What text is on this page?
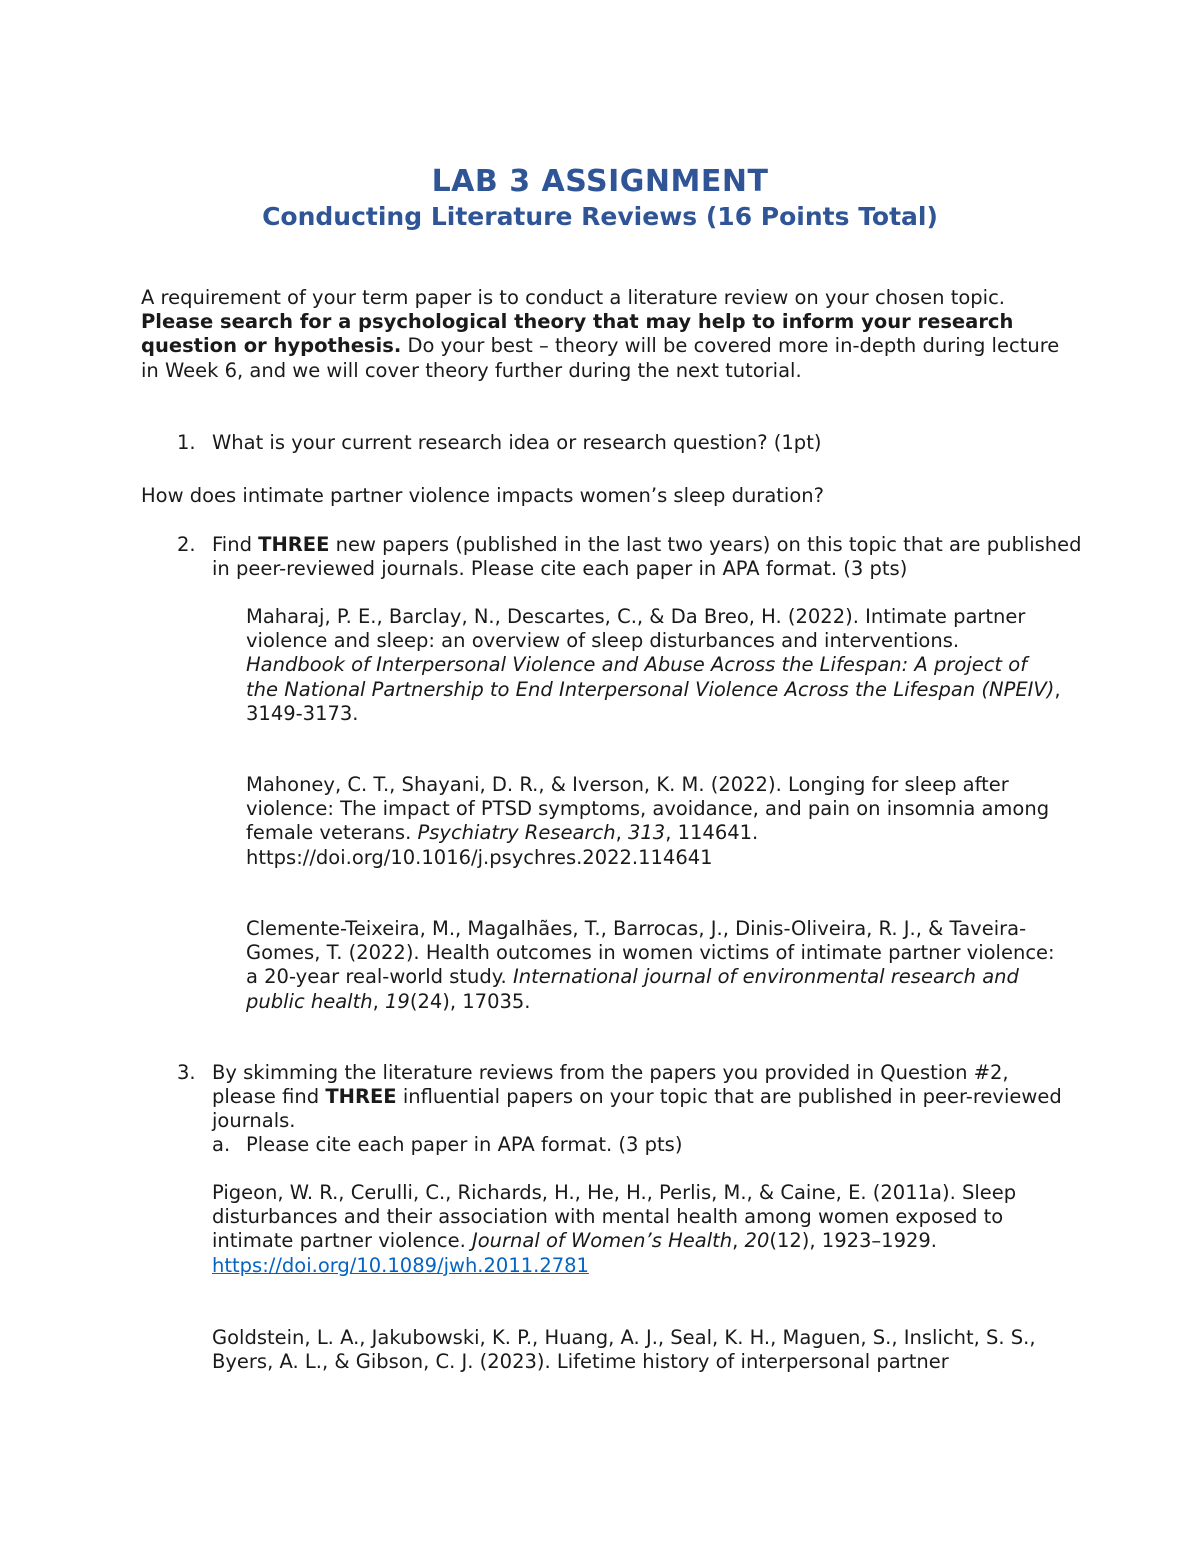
LAB 3 ASSIGNMENT
Conducting Literature Reviews (16 Points Total)

A requirement of your term paper is to conduct a literature review on your chosen topic. Please search for a psychological theory that may help to inform your research question or hypothesis. Do your best – theory will be covered more in-depth during lecture in Week 6, and we will cover theory further during the next tutorial.

1. What is your current research idea or research question? (1pt)

How does intimate partner violence impacts women’s sleep duration?

2. Find THREE new papers (published in the last two years) on this topic that are published in peer-reviewed journals. Please cite each paper in APA format. (3 pts)

Maharaj, P. E., Barclay, N., Descartes, C., & Da Breo, H. (2022). Intimate partner violence and sleep: an overview of sleep disturbances and interventions. Handbook of Interpersonal Violence and Abuse Across the Lifespan: A project of the National Partnership to End Interpersonal Violence Across the Lifespan (NPEIV), 3149-3173.

Mahoney, C. T., Shayani, D. R., & Iverson, K. M. (2022). Longing for sleep after violence: The impact of PTSD symptoms, avoidance, and pain on insomnia among female veterans. Psychiatry Research, 313, 114641. https://doi.org/10.1016/j.psychres.2022.114641

Clemente-Teixeira, M., Magalhães, T., Barrocas, J., Dinis-Oliveira, R. J., & Taveira-Gomes, T. (2022). Health outcomes in women victims of intimate partner violence: a 20-year real-world study. International journal of environmental research and public health, 19(24), 17035.

3. By skimming the literature reviews from the papers you provided in Question #2, please find THREE influential papers on your topic that are published in peer-reviewed journals.

a. Please cite each paper in APA format. (3 pts)

Pigeon, W. R., Cerulli, C., Richards, H., He, H., Perlis, M., & Caine, E. (2011a). Sleep disturbances and their association with mental health among women exposed to intimate partner violence. Journal of Women’s Health, 20(12), 1923–1929. https://doi.org/10.1089/jwh.2011.2781

Goldstein, L. A., Jakubowski, K. P., Huang, A. J., Seal, K. H., Maguen, S., Inslicht, S. S., Byers, A. L., & Gibson, C. J. (2023). Lifetime history of interpersonal partner
